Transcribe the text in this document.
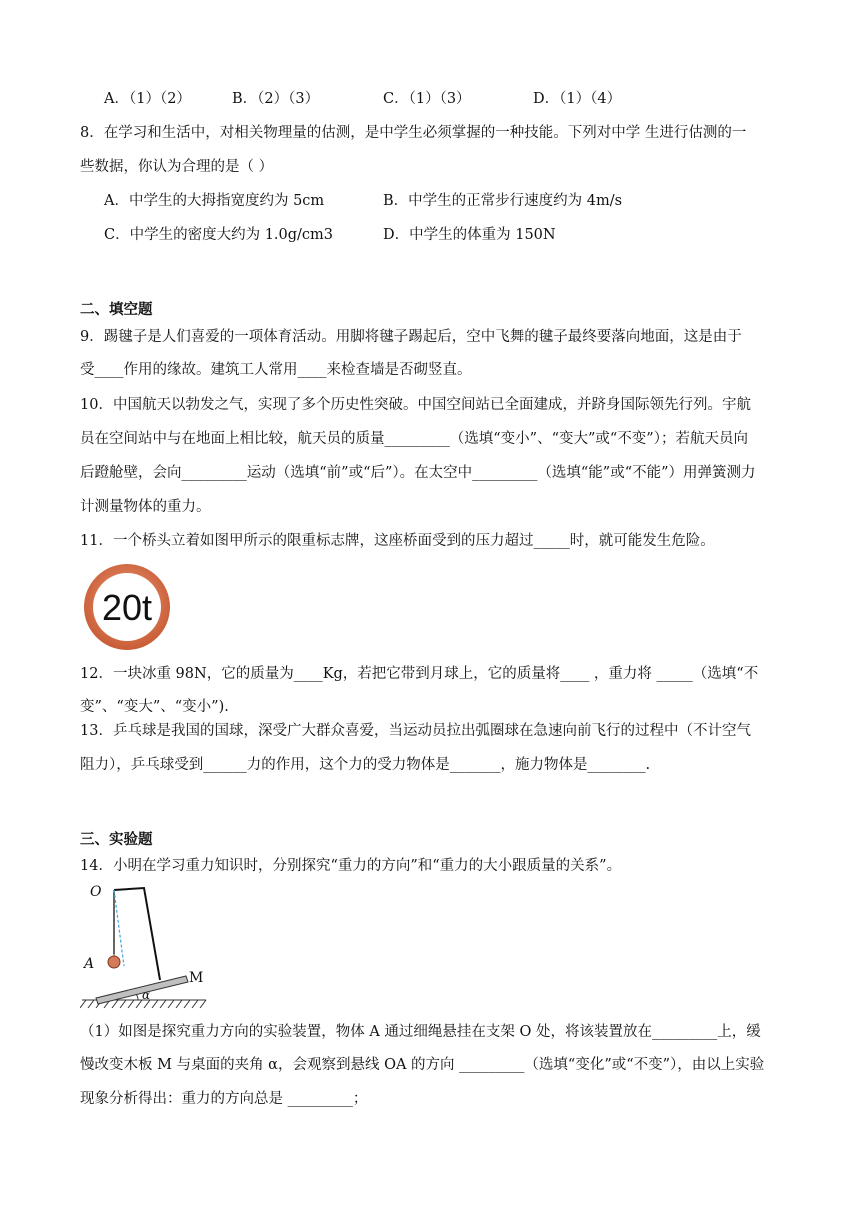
A．（1）（2）	B．（2）（3）	C．（1）（3）	D．（1）（4）
8．在学习和生活中，对相关物理量的估测，是中学生必须掌握的一种技能。下列对中学 生进行估测的一
些数据，你认为合理的是（ ）
A．中学生的大拇指宽度约为 5cm	B．中学生的正常步行速度约为 4m/s
C．中学生的密度大约为 1.0g/cm3	D．中学生的体重为 150N
二、填空题
9．踢毽子是人们喜爱的一项体育活动。用脚将毽子踢起后，空中飞舞的毽子最终要落向地面，这是由于
受____作用的缘故。建筑工人常用____来检查墙是否砌竖直。
10．中国航天以勃发之气，实现了多个历史性突破。中国空间站已全面建成，并跻身国际领先行列。宇航
员在空间站中与在地面上相比较，航天员的质量_________（选填“变小”、“变大”或“不变”）；若航天员向
后蹬舱壁，会向_________运动（选填“前”或“后”）。在太空中_________（选填“能”或“不能”）用弹簧测力
计测量物体的重力。
11．一个桥头立着如图甲所示的限重标志牌，这座桥面受到的压力超过_____时，就可能发生危险。
20t
12．一块冰重 98N，它的质量为____Kg，若把它带到月球上，它的质量将____ ，重力将 _____（选填“不
变”、“变大”、“变小”).
13．乒乓球是我国的国球，深受广大群众喜爱，当运动员拉出弧圈球在急速向前飞行的过程中（不计空气
阻力），乒乓球受到______力的作用，这个力的受力物体是_______，施力物体是________.
三、实验题
14．小明在学习重力知识时，分别探究“重力的方向”和“重力的大小跟质量的关系”。
O
A
M
α
（1）如图是探究重力方向的实验装置，物体 A 通过细绳悬挂在支架 O 处，将该装置放在_________上，缓
慢改变木板 M 与桌面的夹角 α，会观察到悬线 OA 的方向 _________（选填“变化”或“不变”），由以上实验
现象分析得出：重力的方向总是 _________；
